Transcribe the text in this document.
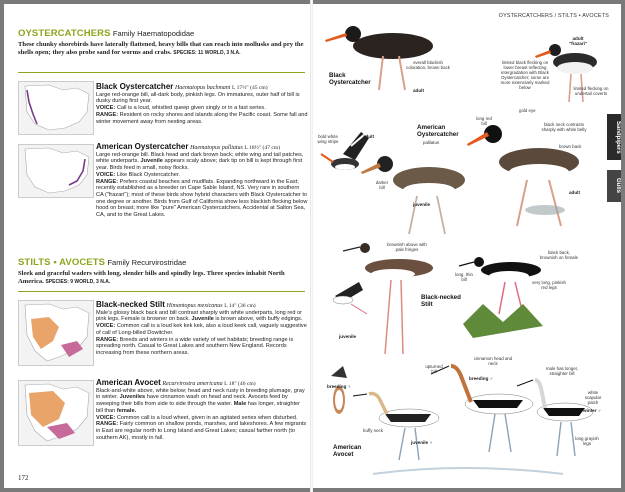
OYSTERCATCHERS Family Haematopodidae
These chunky shorebirds have laterally flattened, heavy bills that can reach into mollusks and pry the shells open; they also probe sand for worms and crabs. SPECIES: 11 WORLD, 3 N.A.
Black Oystercatcher Haematopus bachmani L 17½" (45 cm)
Large red-orange bill, all-dark body, pinkish legs. On immatures, outer half of bill is dusky during first year.
VOICE: Call is a loud, whistled queep given singly or in a fast series.
RANGE: Resident on rocky shores and islands along the Pacific coast. Some fall and winter movement away from nesting areas.
American Oystercatcher Haematopus palliatus L 18½" (47 cm)
Large red-orange bill. Black head and dark brown back; white wing and tail patches, white underparts. Juvenile appears scaly above; dark tip on bill is kept through first year. Birds feed in small, noisy flocks.
VOICE: Like Black Oystercatcher.
RANGE: Prefers coastal beaches and mudflats. Expanding northward in the East; recently established as a breeder on Cape Sable Island, NS. Very rare in southern CA ("frazari"); most of these birds show hybrid characters with Black Oystercatcher to one degree or another. Birds from Gulf of California show less blackish flecking below hood on breast; more like "pure" American Oystercatchers. Accidental at Salton Sea, CA, and to the Great Lakes.
STILTS • AVOCETS Family Recurvirostridae
Sleek and graceful waders with long, slender bills and spindly legs. Three species inhabit North America. SPECIES: 9 WORLD, 3 N.A.
Black-necked Stilt Himantopus mexicanus L 14" (36 cm)
Male's glossy black back and bill contrast sharply with white underparts, long red or pink legs. Female is browner on back. Juvenile is brown above, with buffy edgings.
VOICE: Common call is a loud kek kek kek, also a loud keek call, vaguely suggestive of call of Long-billed Dowitcher.
RANGE: Breeds and winters in a wide variety of wet habitats; breeding range is spreading north. Casual to Great Lakes and southern New England. Records increasing from these northern areas.
American Avocet Recurvirostra americana L 18" (46 cm)
Black-and-white above, white below; head and neck rusty in breeding plumage, gray in winter. Juveniles have cinnamon wash on head and neck. Avocets feed by sweeping their bills from side to side through the water. Male has longer, straighter bill than female.
VOICE: Common call is a loud wheet, given in an agitated series when disturbed.
RANGE: Fairly common on shallow ponds, marshes, and lakeshores. A few migrants in East are regular north to Long Island and Great Lakes; casual farther north (to southern AK), mostly in fall.
172
OYSTERCATCHERS / STILTS • AVOCETS
Sandpipers
Gulls
Black Oystercatcher
overall blackish coloration, brown back
adult
adult "frazari"
limited black flecking on lower breast reflecting intergradation with Black Oystercatcher; some are more extensively marked below	limited flecking on undertail coverts
American Oystercatcher
palliatus
adult
bold white wing stripe
long red bill
gold eye
black neck contrasts sharply with white belly
brown back
darker bill
juvenile
adult
brownish above with pale fringes
long, thin bill
black back, brownish on female
very long, pinkish red legs
♂
Black-necked Stilt
juvenile
upturned bill
cinnamon head and neck
breeding ♀
breeding ♂
male has longer, straighter bill
white scapular patch
winter ♂
buffy neck
juvenile ♀
long grayish legs
American Avocet
